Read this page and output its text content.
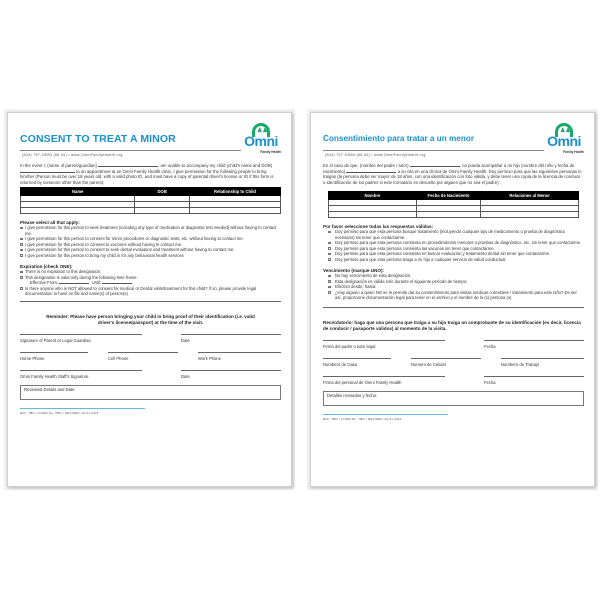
CONSENT TO TREAT A MINOR
(844) 757-OMNI (66 64) • www.OmniFamilyHealth.org
♟♟
Omni
Family Health
In the event I, (name of parent/guardian)	, am unable to accompany my child (child's name and DOB)  to an appointment at an Omni Family Health clinic, I give permission for the following people to bring him/her (Person must be over 18 years old, with a valid photo ID, and must have a copy of parental driver's license or ID if this form is returned by someone other than the parent):
Name	DOB	Relationship to Child

Please select all that apply:
I give permission for this person to seek treatment (including any type of medication or diagnostic test needed) without having to contact me.
I give permission for this person to consent for minor procedures or diagnostic tests, etc. without having to contact me.
I give permission for this person to consent to vaccines without having to contact me.
I give permission for this person to consent to seek dental evaluation and treatment without having to contact me.
I give permission for this person to bring my child in for any behavioral health services
Expiration (check ONE):
There is no expiration to this designation.
This designation is valid only during the following time frame:
Effective From:	Until:
Is there anyone who is NOT allowed to consent for medical or Dental visits/treatment for this child? If so, please provide legal documentation to have on file and name(s) of person(s)
Reminder: Please have person bringing your child in bring proof of their identification (i.e. valid driver's license/passport) at the time of the visit.
Signature of Parent or Legal Guardian	Date
Home Phone	Cell Phone	Work Phone
Omni Family Health Staff's Signature	Date
Reviewed Details and Date:
EFF: TBD • FORM No: TBD • REVISED: 02.01.2021
Consentimiento para tratar a un menor
(844) 757-OMNI (66 64) • www.OmniFamilyHealth.org
♟♟
Omni
Family Health
En el caso de que, (nombre del padre / tutor)	, no pueda acompañar a mi hijo (nombre del niño y fecha de nacimiento)	a su cita en una clínica de Omni Family Health. Doy permiso para que las siguientes personas lo traigan (la persona debe ser mayor de 18 años, con una identificación con foto válida, y debe tener una copia de la licencia de conducir o identificación de los padres si este formulario es devuelto por alguien que no sea el padre):
Nombre	Fecha de Nacimiento	Relaciones al Menor

Por favor seleccione todas las respuestas válidas:
Doy permiso para que esta persona busque tratamiento (incluyendo cualquier tipo de medicamento o prueba de diagnóstico necesario) sin tener que contactarme.
Doy permiso para que esta persona consienta en procedimientos menores o pruebas de diagnóstico, etc. sin tener que contactarme.
Doy permiso para que esta persona consienta las vacunas sin tener que contactarme.
Doy permiso para que esta persona consienta en buscar evaluación y tratamiento dental sin tener que contactarme.
Doy permiso para que esta persona traiga a mi hijo a cualquier servicio de salud conductual
Vencimiento (marque UNO):
No hay vencimiento de esta designación.
Esta designación es válida solo durante el siguiente período de tiempo:
Efectivo desde: hasta:
¿Hay alguien a quien NO se le permite dar su consentimiento para visitas médicas o dentales / tratamiento para este niño? De ser así, proporcione documentación legal para tener en el archivo y el nombre de la (s) persona (s)
Recordatorio: haga que una persona que traiga a su hijo traiga un comprobante de su identificación (es decir, licencia de conducir / pasaporte válidos) al momento de la visita.
Firma del padre o tutor legal	Fecha
Numbero de Casa	Numero de Celular	Numbero de Trabajo
Firma del personal de Omni Family Health	Fecha
Detalles revisados y fecha:
EFF: TBD • FORM No: TBD • REVISED: 02.01.2021
